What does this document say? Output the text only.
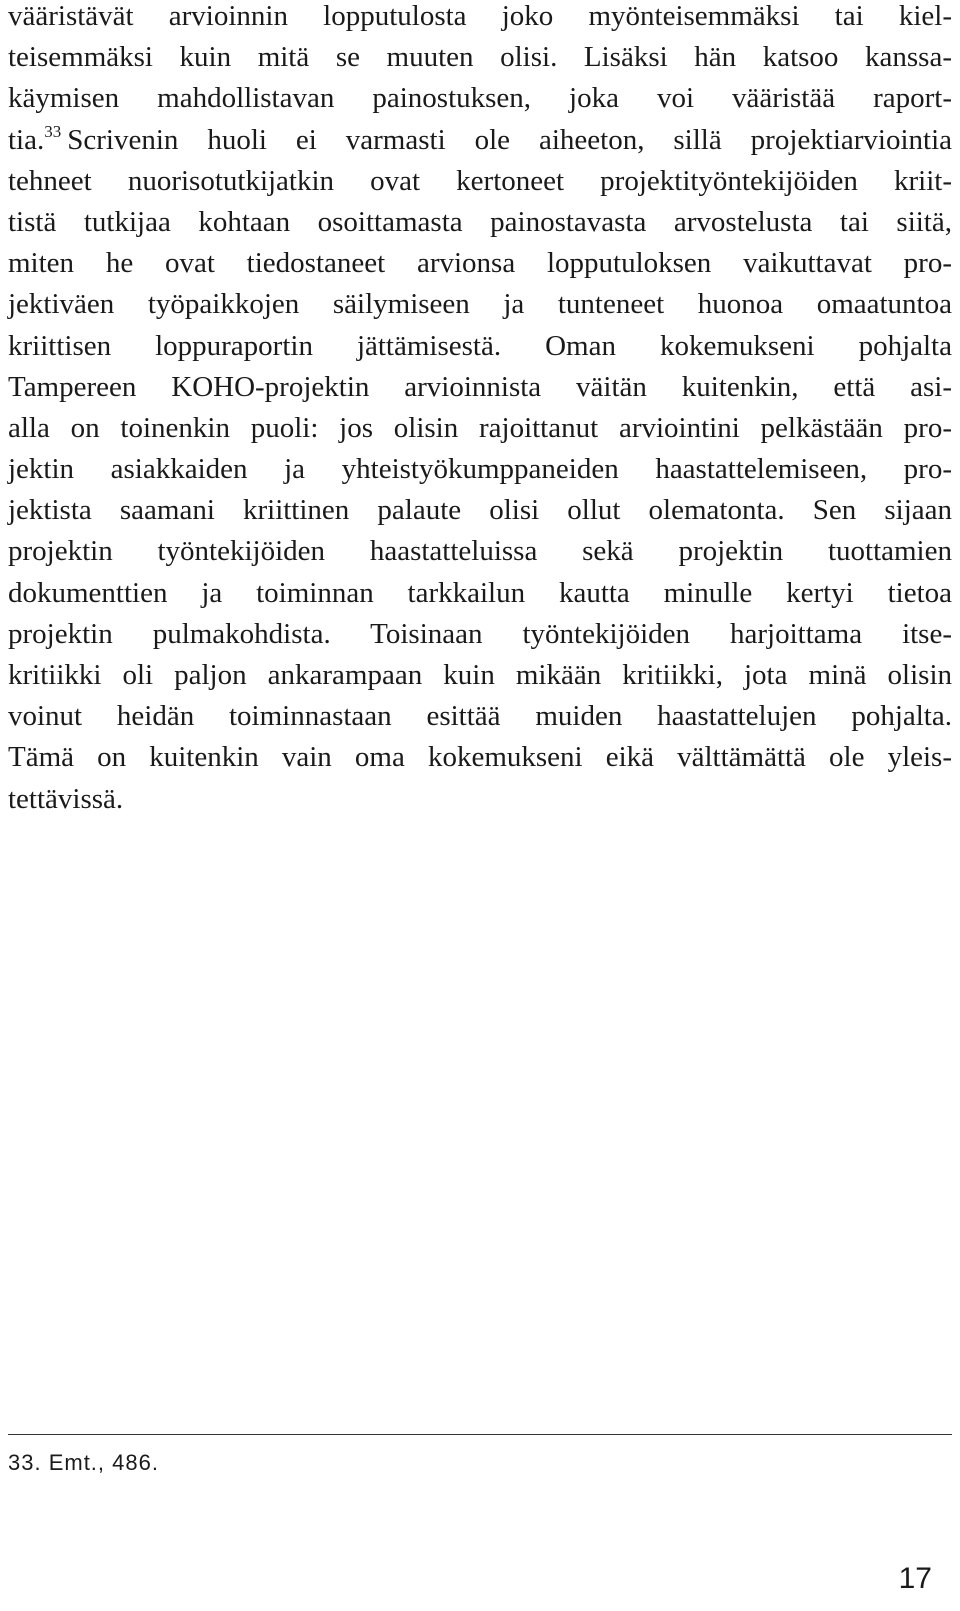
vääristävät arvioinnin lopputulosta joko myönteisemmäksi tai kiel-
teisemmäksi kuin mitä se muuten olisi. Lisäksi hän katsoo kanssa-
käymisen mahdollistavan painostuksen, joka voi vääristää raport-
tia.$^{33}$ Scrivenin huoli ei varmasti ole aiheeton, sillä projektiarviointia
tehneet nuorisotutkijatkin ovat kertoneet projektityöntekijöiden kriit-
tistä tutkijaa kohtaan osoittamasta painostavasta arvostelusta tai siitä,
miten he ovat tiedostaneet arvionsa lopputuloksen vaikuttavat pro-
jektiväen työpaikkojen säilymiseen ja tunteneet huonoa omaatuntoa
kriittisen loppuraportin jättämisestä. Oman kokemukseni pohjalta
Tampereen KOHO-projektin arvioinnista väitän kuitenkin, että asi-
alla on toinenkin puoli: jos olisin rajoittanut arviointini pelkästään pro-
jektin asiakkaiden ja yhteistyökumppaneiden haastattelemiseen, pro-
jektista saamani kriittinen palaute olisi ollut olematonta. Sen sijaan
projektin työntekijöiden haastatteluissa sekä projektin tuottamien
dokumenttien ja toiminnan tarkkailun kautta minulle kertyi tietoa
projektin pulmakohdista. Toisinaan työntekijöiden harjoittama itse-
kritiikki oli paljon ankarampaan kuin mikään kritiikki, jota minä olisin
voinut heidän toiminnastaan esittää muiden haastattelujen pohjalta.
Tämä on kuitenkin vain oma kokemukseni eikä välttämättä ole yleis-
tettävissä.

33. Emt., 486.

17
